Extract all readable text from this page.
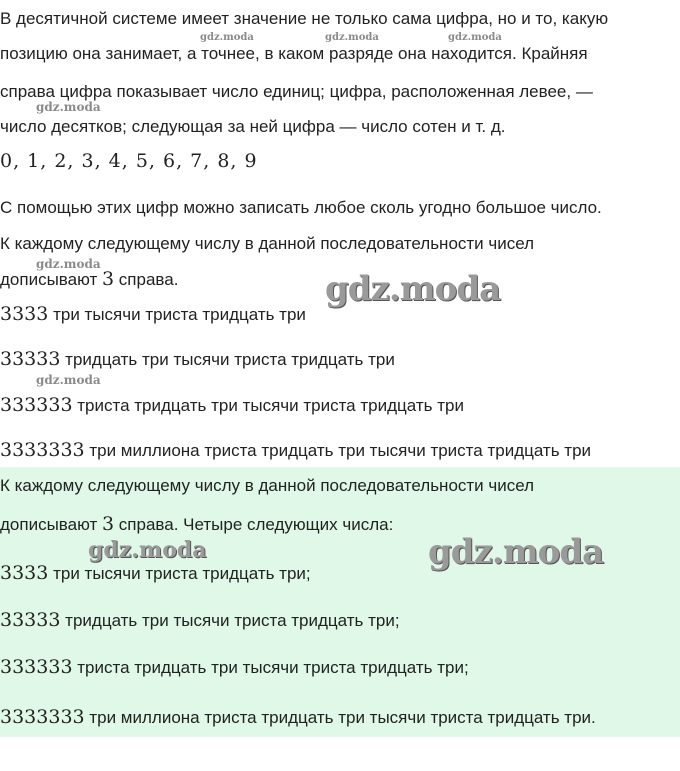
В десятичной системе имеет значение не только сама цифра, но и то, какую
позицию она занимает, а точнее, в каком разряде она находится. Крайняя
справа цифра показывает число единиц; цифра, расположенная левее, —
число десятков; следующая за ней цифра — число сотен и т. д.
0, 1, 2, 3, 4, 5, 6, 7, 8, 9
С помощью этих цифр можно записать любое сколь угодно большое число.
К каждому следующему числу в данной последовательности чисел
дописывают 3 справа.
3333 три тысячи триста тридцать три
33333 тридцать три тысячи триста тридцать три
333333 триста тридцать три тысячи триста тридцать три
3333333 три миллиона триста тридцать три тысячи триста тридцать три
К каждому следующему числу в данной последовательности чисел
дописывают 3 справа. Четыре следующих числа:
3333 три тысячи триста тридцать три;
33333 тридцать три тысячи триста тридцать три;
333333 триста тридцать три тысячи триста тридцать три;
3333333 три миллиона триста тридцать три тысячи триста тридцать три.
gdz.moda	gdz.moda	gdz.moda
gdz.moda
gdz.moda
gdz.moda
gdz.moda
gdz.moda	gdz.moda
